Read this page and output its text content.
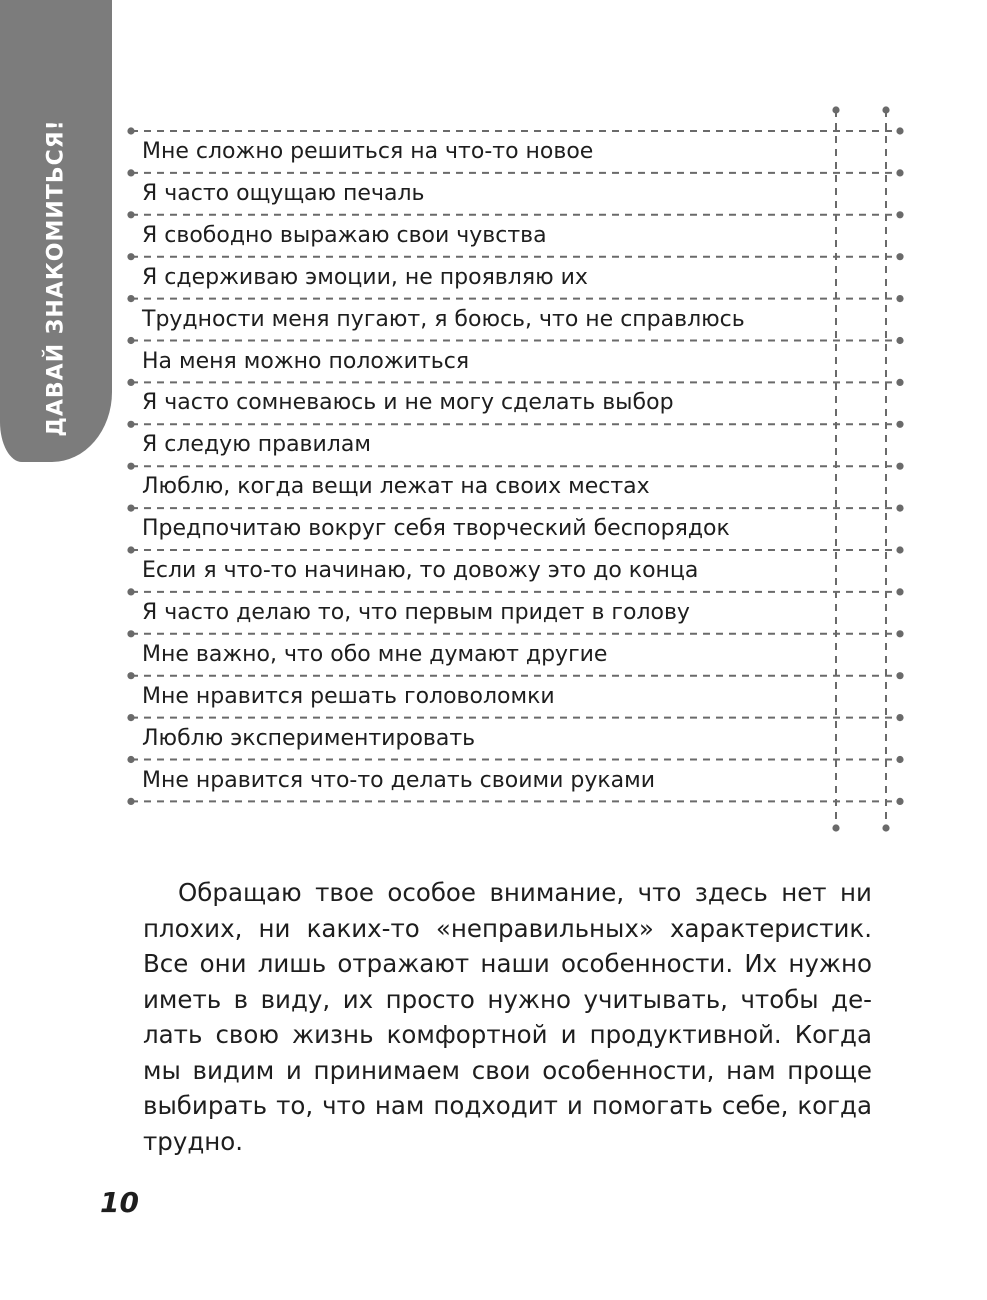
ДАВАЙ ЗНАКОМИТЬСЯ!	Мне сложно решиться на что-то новое
Я часто ощущаю печаль
Я свободно выражаю свои чувства
Я сдерживаю эмоции, не проявляю их
Трудности меня пугают, я боюсь, что не справлюсь
На меня можно положиться
Я часто сомневаюсь и не могу сделать выбор
Я следую правилам
Люблю, когда вещи лежат на своих местах
Предпочитаю вокруг себя творческий беспорядок
Если я что-то начинаю, то довожу это до конца
Я часто делаю то, что первым придет в голову
Мне важно, что обо мне думают другие
Мне нравится решать головоломки
Люблю экспериментировать
Мне нравится что-то делать своими руками

Обращаю твое особое внимание, что здесь нет ни плохих, ни каких-то «неправильных» характеристик. Все они лишь отражают наши особенности. Их нужно иметь в виду, их просто нужно учитывать, чтобы делать свою жизнь комфортной и продуктивной. Когда мы видим и принимаем свои особенности, нам проще выбирать то, что нам подходит и помогать себе, когда трудно.

10
